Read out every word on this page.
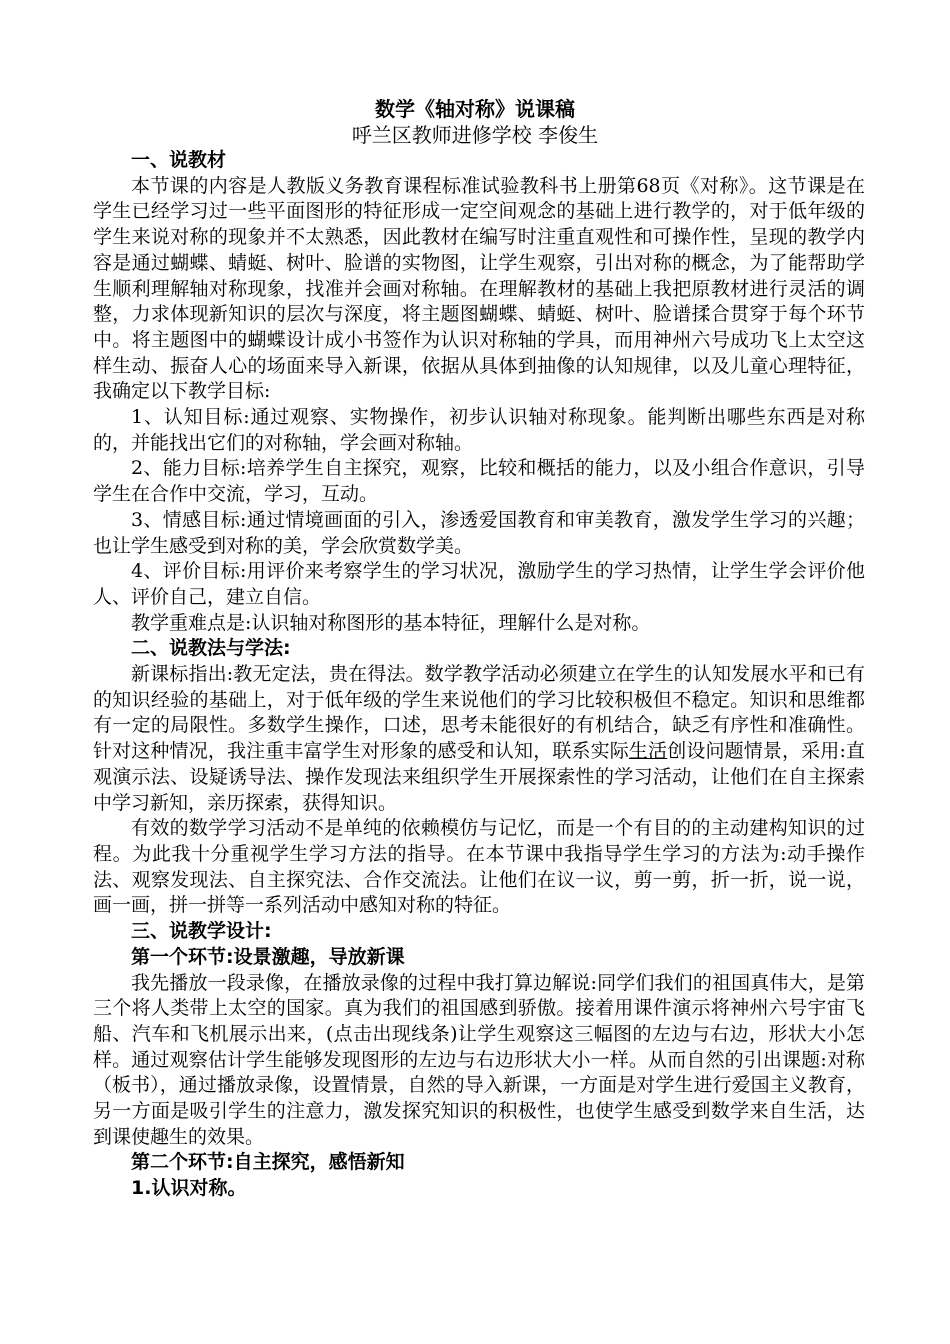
数学《轴对称》说课稿
呼兰区教师进修学校 李俊生

一、说教材

本节课的内容是人教版义务教育课程标准试验教科书上册第68页《对称》。这节课是在学生已经学习过一些平面图形的特征形成一定空间观念的基础上进行教学的，对于低年级的学生来说对称的现象并不太熟悉，因此教材在编写时注重直观性和可操作性，呈现的教学内容是通过蝴蝶、蜻蜓、树叶、脸谱的实物图，让学生观察，引出对称的概念，为了能帮助学生顺利理解轴对称现象，找准并会画对称轴。在理解教材的基础上我把原教材进行灵活的调整，力求体现新知识的层次与深度，将主题图蝴蝶、蜻蜓、树叶、脸谱揉合贯穿于每个环节中。将主题图中的蝴蝶设计成小书签作为认识对称轴的学具，而用神州六号成功飞上太空这样生动、振奋人心的场面来导入新课，依据从具体到抽像的认知规律，以及儿童心理特征，我确定以下教学目标:

1、认知目标:通过观察、实物操作，初步认识轴对称现象。能判断出哪些东西是对称的，并能找出它们的对称轴，学会画对称轴。

2、能力目标:培养学生自主探究，观察，比较和概括的能力，以及小组合作意识，引导学生在合作中交流，学习，互动。

3、情感目标:通过情境画面的引入，渗透爱国教育和审美教育，激发学生学习的兴趣；也让学生感受到对称的美，学会欣赏数学美。

4、评价目标:用评价来考察学生的学习状况，激励学生的学习热情，让学生学会评价他人、评价自己，建立自信。

教学重难点是:认识轴对称图形的基本特征，理解什么是对称。

二、说教法与学法:

新课标指出:教无定法，贵在得法。数学教学活动必须建立在学生的认知发展水平和已有的知识经验的基础上，对于低年级的学生来说他们的学习比较积极但不稳定。知识和思维都有一定的局限性。多数学生操作，口述，思考未能很好的有机结合，缺乏有序性和准确性。针对这种情况，我注重丰富学生对形象的感受和认知，联系实际生活创设问题情景，采用:直观演示法、设疑诱导法、操作发现法来组织学生开展探索性的学习活动，让他们在自主探索中学习新知，亲历探索，获得知识。

有效的数学学习活动不是单纯的依赖模仿与记忆，而是一个有目的的主动建构知识的过程。为此我十分重视学生学习方法的指导。在本节课中我指导学生学习的方法为:动手操作法、观察发现法、自主探究法、合作交流法。让他们在议一议，剪一剪，折一折，说一说，画一画，拼一拼等一系列活动中感知对称的特征。

三、说教学设计:

第一个环节:设景激趣，导放新课

我先播放一段录像，在播放录像的过程中我打算边解说:同学们我们的祖国真伟大，是第三个将人类带上太空的国家。真为我们的祖国感到骄傲。接着用课件演示将神州六号宇宙飞船、汽车和飞机展示出来，(点击出现线条)让学生观察这三幅图的左边与右边，形状大小怎样。通过观察估计学生能够发现图形的左边与右边形状大小一样。从而自然的引出课题:对称（板书），通过播放录像，设置情景，自然的导入新课，一方面是对学生进行爱国主义教育，另一方面是吸引学生的注意力，激发探究知识的积极性，也使学生感受到数学来自生活，达到课使趣生的效果。

第二个环节:自主探究，感悟新知

1.认识对称。
